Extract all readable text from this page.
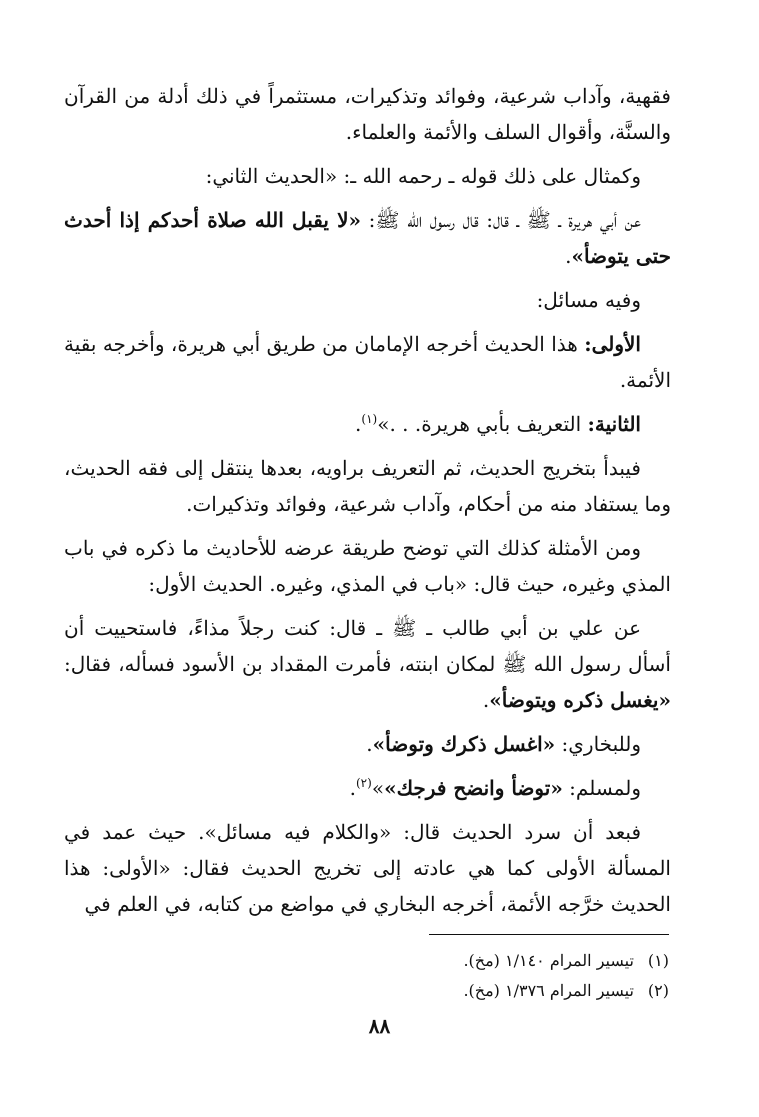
فقهية، وآداب شرعية، وفوائد وتذكيرات، مستثمراً في ذلك أدلة من القرآن والسنَّة، وأقوال السلف والأئمة والعلماء.

وكمثال على ذلك قوله ـ رحمه الله ـ: «الحديث الثاني:

عن أبي هريرة ـ ﷺ ـ قال: قال رسول الله ﷺ: «لا يقبل الله صلاة أحدكم إذا أحدث حتى يتوضأ».

وفيه مسائل:

الأولى: هذا الحديث أخرجه الإمامان من طريق أبي هريرة، وأخرجه بقية الأئمة.

الثانية: التعريف بأبي هريرة. . .»$^{(١)}$.

فيبدأ بتخريج الحديث، ثم التعريف براويه، بعدها ينتقل إلى فقه الحديث، وما يستفاد منه من أحكام، وآداب شرعية، وفوائد وتذكيرات.

ومن الأمثلة كذلك التي توضح طريقة عرضه للأحاديث ما ذكره في باب المذي وغيره، حيث قال: «باب في المذي، وغيره. الحديث الأول:

عن علي بن أبي طالب ـ ﷺ ـ قال: كنت رجلاً مذاءً، فاستحييت أن أسأل رسول الله ﷺ لمكان ابنته، فأمرت المقداد بن الأسود فسأله، فقال: «يغسل ذكره ويتوضأ».

وللبخاري: «اغسل ذكرك وتوضأ».

ولمسلم: «توضأ وانضح فرجك»»$^{(٢)}$.

فبعد أن سرد الحديث قال: «والكلام فيه مسائل». حيث عمد في المسألة الأولى كما هي عادته إلى تخريج الحديث فقال: «الأولى: هذا الحديث خرَّجه الأئمة، أخرجه البخاري في مواضع من كتابه، في العلم في

(١) تيسير المرام ١/١٤٠ (مخ).

(٢) تيسير المرام ١/٣٧٦ (مخ).

٨٨
